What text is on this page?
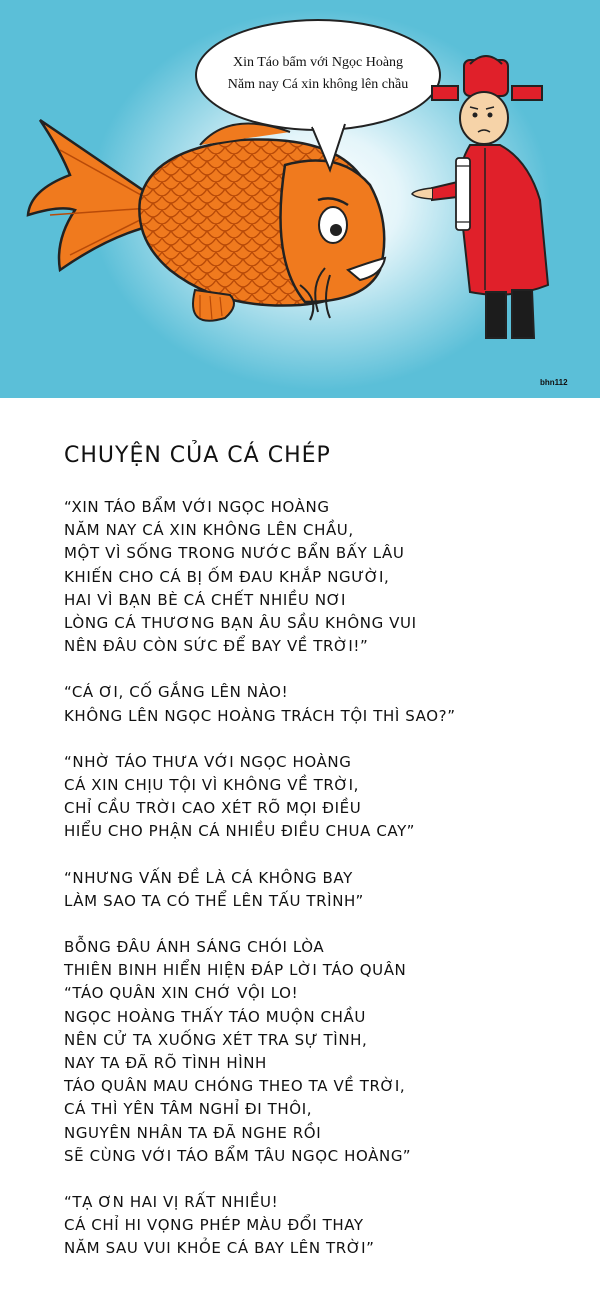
Xin Táo bẩm với Ngọc Hoàng
Năm nay Cá xin không lên chầu
bhn112
CHUYỆN CỦA CÁ CHÉP
“XIN TÁO BẨM VỚI NGỌC HOÀNG
NĂM NAY CÁ XIN KHÔNG LÊN CHẦU,
MỘT VÌ SỐNG TRONG NƯỚC BẨN BẤY LÂU
KHIẾN CHO CÁ BỊ ỐM ĐAU KHẮP NGƯỜI,
HAI VÌ BẠN BÈ CÁ CHẾT NHIỀU NƠI
LÒNG CÁ THƯƠNG BẠN ÂU SẦU KHÔNG VUI
NÊN ĐÂU CÒN SỨC ĐỂ BAY VỀ TRỜI!”
“CÁ ƠI, CỐ GẮNG LÊN NÀO!
KHÔNG LÊN NGỌC HOÀNG TRÁCH TỘI THÌ SAO?”
“NHỜ TÁO THƯA VỚI NGỌC HOÀNG
CÁ XIN CHỊU TỘI VÌ KHÔNG VỀ TRỜI,
CHỈ CẦU TRỜI CAO XÉT RÕ MỌI ĐIỀU
HIỂU CHO PHẬN CÁ NHIỀU ĐIỀU CHUA CAY”
“NHƯNG VẤN ĐỀ LÀ CÁ KHÔNG BAY
LÀM SAO TA CÓ THỂ LÊN TẤU TRÌNH”
BỖNG ĐÂU ÁNH SÁNG CHÓI LÒA
THIÊN BINH HIỂN HIỆN ĐÁP LỜI TÁO QUÂN
“TÁO QUÂN XIN CHỚ VỘI LO!
NGỌC HOÀNG THẤY TÁO MUỘN CHẦU
NÊN CỬ TA XUỐNG XÉT TRA SỰ TÌNH,
NAY TA ĐÃ RÕ TÌNH HÌNH
TÁO QUÂN MAU CHÓNG THEO TA VỀ TRỜI,
CÁ THÌ YÊN TÂM NGHỈ ĐI THÔI,
NGUYÊN NHÂN TA ĐÃ NGHE RỒI
SẼ CÙNG VỚI TÁO BẨM TÂU NGỌC HOÀNG”
“TẠ ƠN HAI VỊ RẤT NHIỀU!
CÁ CHỈ HI VỌNG PHÉP MÀU ĐỔI THAY
NĂM SAU VUI KHỎE CÁ BAY LÊN TRỜI”
